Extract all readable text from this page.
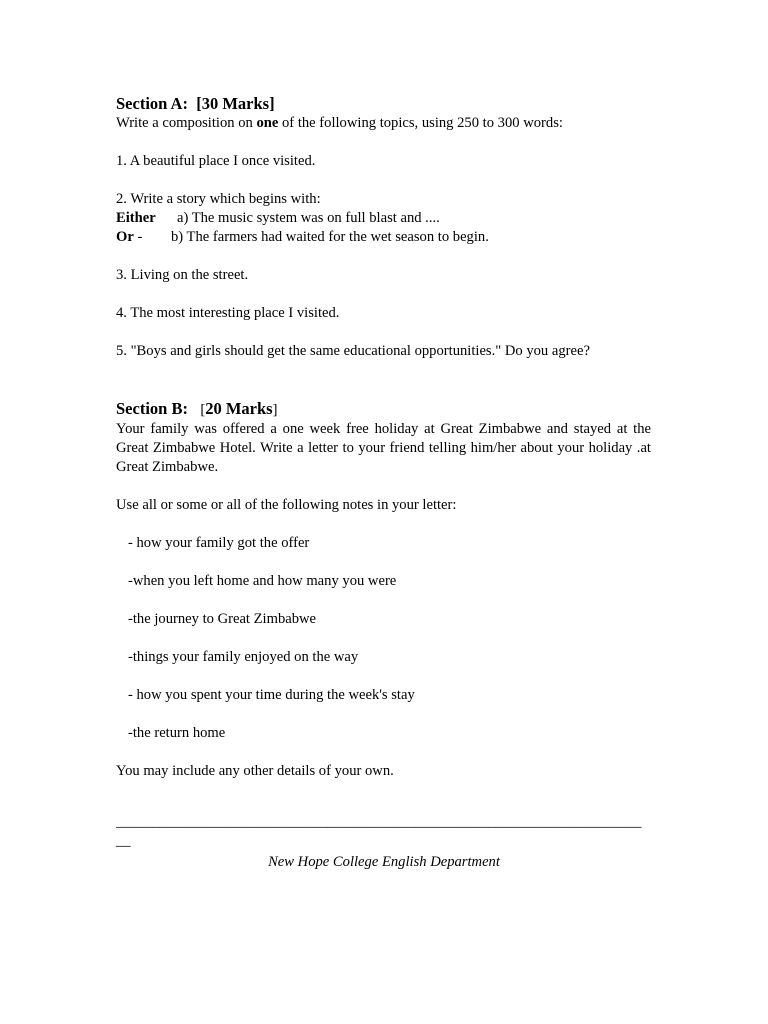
Section A: [30 Marks]

Write a composition on one of the following topics, using 250 to 300 words:

1. A beautiful place I once visited.

2. Write a story which begins with:

Either	a) The music system was on full blast and ....
Or -	b) The farmers had waited for the wet season to begin.

3. Living on the street.

4. The most interesting place I visited.

5. "Boys and girls should get the same educational opportunities." Do you agree?

Section B: [20 Marks]

Your family was offered a one week free holiday at Great Zimbabwe and stayed at the Great Zimbabwe Hotel. Write a letter to your friend telling him/her about your holiday .at Great Zimbabwe.

Use all or some or all of the following notes in your letter:

- how your family got the offer

-when you left home and how many you were

-the journey to Great Zimbabwe

-things your family enjoyed on the way

- how you spent your time during the week's stay

-the return home

You may include any other details of your own.

________________________________________________________________________
__
New Hope College English Department
